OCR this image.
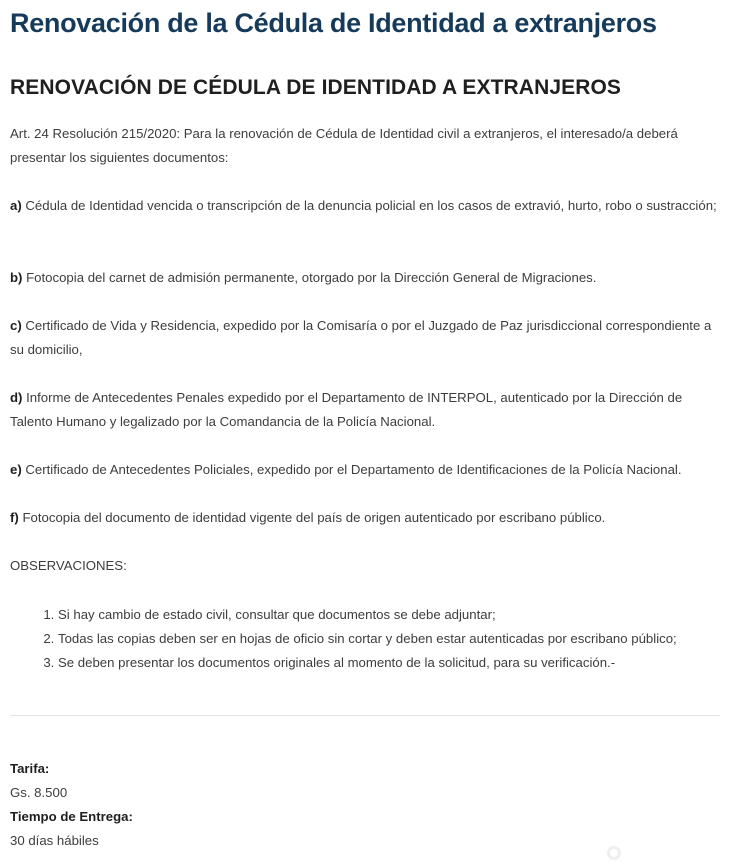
Renovación de la Cédula de Identidad a extranjeros
RENOVACIÓN DE CÉDULA DE IDENTIDAD A EXTRANJEROS

Art. 24 Resolución 215/2020: Para la renovación de Cédula de Identidad civil a extranjeros, el interesado/a deberá presentar los siguientes documentos:

a) Cédula de Identidad vencida o transcripción de la denuncia policial en los casos de extravió, hurto, robo o sustracción;

b) Fotocopia del carnet de admisión permanente, otorgado por la Dirección General de Migraciones.

c) Certificado de Vida y Residencia, expedido por la Comisaría o por el Juzgado de Paz jurisdiccional correspondiente a su domicilio,

d) Informe de Antecedentes Penales expedido por el Departamento de INTERPOL, autenticado por la Dirección de Talento Humano y legalizado por la Comandancia de la Policía Nacional.

e) Certificado de Antecedentes Policiales, expedido por el Departamento de Identificaciones de la Policía Nacional.

f) Fotocopia del documento de identidad vigente del país de origen autenticado por escribano público.

OBSERVACIONES:

1. Si hay cambio de estado civil, consultar que documentos se debe adjuntar;
2. Todas las copias deben ser en hojas de oficio sin cortar y deben estar autenticadas por escribano público;
3. Se deben presentar los documentos originales al momento de la solicitud, para su verificación.-

Tarifa:

Gs. 8.500

Tiempo de Entrega:

30 días hábiles
